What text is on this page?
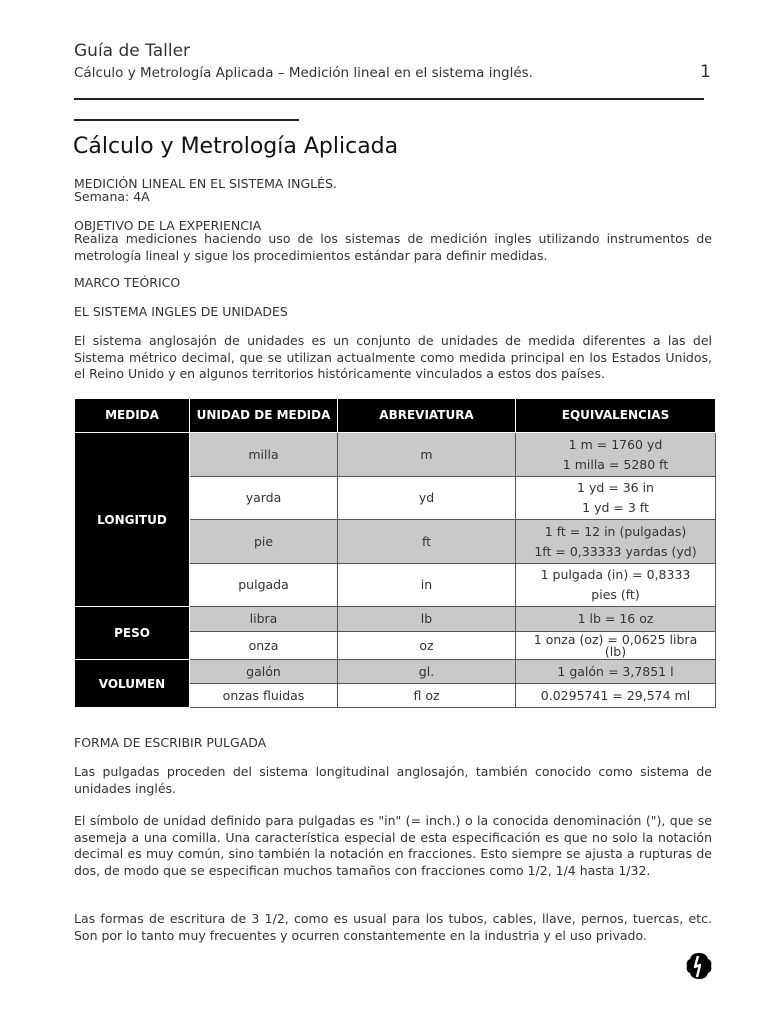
Guía de Taller
Cálculo y Metrología Aplicada – Medición lineal en el sistema inglés.	1
Cálculo y Metrología Aplicada

MEDICIÓN LINEAL EN EL SISTEMA INGLÉS.

Semana: 4A

OBJETIVO DE LA EXPERIENCIA

Realiza mediciones haciendo uso de los sistemas de medición ingles utilizando instrumentos de metrología lineal y sigue los procedimientos estándar para definir medidas.

MARCO TEÓRICO

EL SISTEMA INGLES DE UNIDADES

El sistema anglosajón de unidades es un conjunto de unidades de medida diferentes a las del Sistema métrico decimal, que se utilizan actualmente como medida principal en los Estados Unidos, el Reino Unido y en algunos territorios históricamente vinculados a estos dos países.

MEDIDA	UNIDAD DE MEDIDA	ABREVIATURA	EQUIVALENCIAS
LONGITUD	milla	m	1 m = 1760 yd
1 milla = 5280 ft

	yarda	yd	1 yd = 36 in
1 yd = 3 ft

	pie	ft	1 ft = 12 in (pulgadas)
1ft = 0,33333 yardas (yd)

	pulgada	in	1 pulgada (in) = 0,8333
pies (ft)

PESO	libra	lb	1 lb = 16 oz
	onza	oz	1 onza (oz) = 0,0625 libra
(lb)

VOLUMEN	galón	gl.	1 galón = 3,7851 l
	onzas fluidas	fl oz	0.0295741 = 29,574 ml

FORMA DE ESCRIBIR PULGADA

Las pulgadas proceden del sistema longitudinal anglosajón, también conocido como sistema de unidades inglés.

El símbolo de unidad definido para pulgadas es "in" (= inch.) o la conocida denominación ("), que se asemeja a una comilla. Una característica especial de esta especificación es que no solo la notación decimal es muy común, sino también la notación en fracciones. Esto siempre se ajusta a rupturas de dos, de modo que se especifican muchos tamaños con fracciones como 1/2, 1/4 hasta 1/32.

Las formas de escritura de 3 1/2, como es usual para los tubos, cables, llave, pernos, tuercas, etc. Son por lo tanto muy frecuentes y ocurren constantemente en la industria y el uso privado.
